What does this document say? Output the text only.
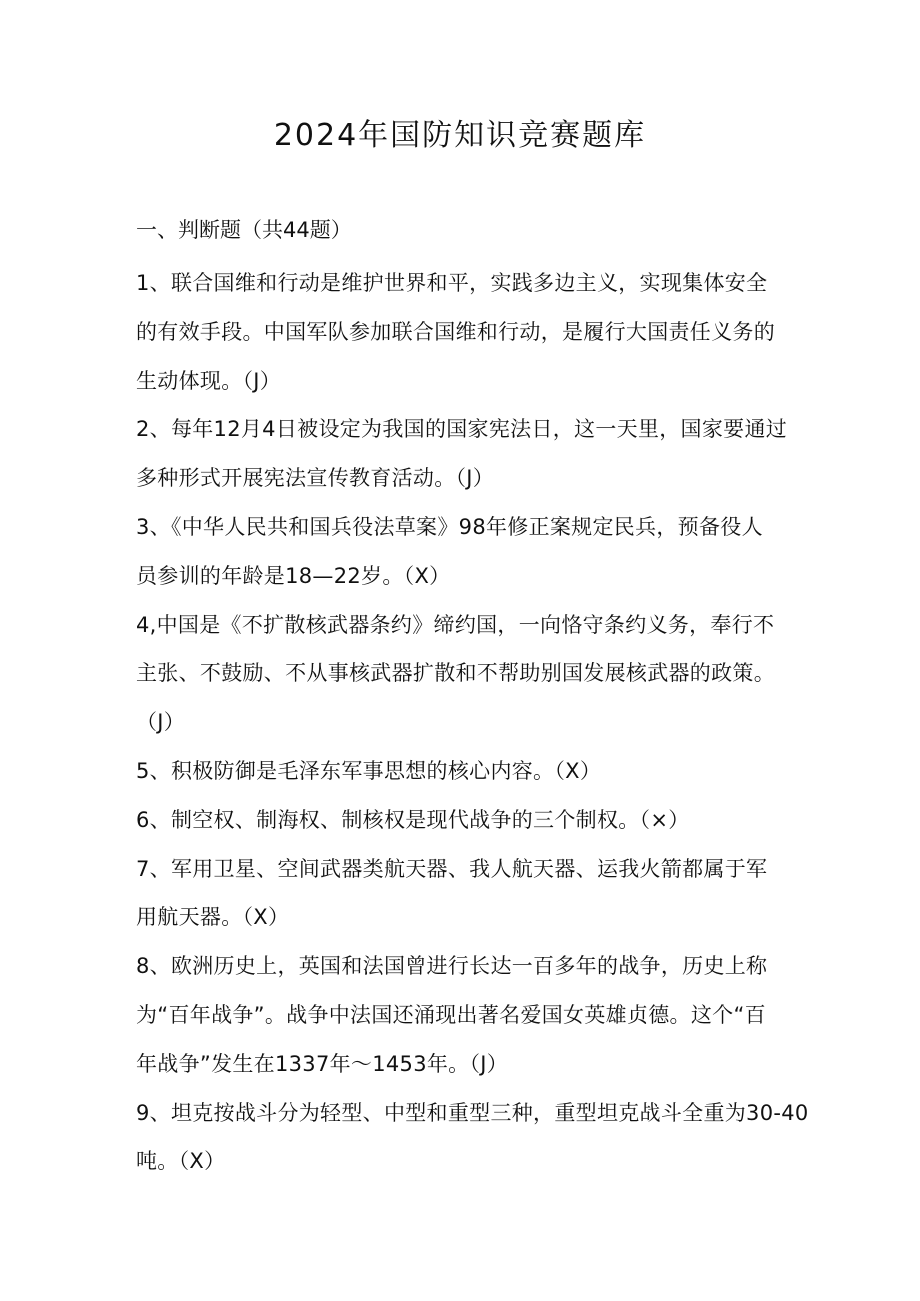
2024年国防知识竞赛题库
一、判断题（共44题）
1、联合国维和行动是维护世界和平，实践多边主义，实现集体安全
的有效手段。中国军队参加联合国维和行动，是履行大国责任义务的
生动体现。（J）
2、每年12月4日被设定为我国的国家宪法日，这一天里，国家要通过
多种形式开展宪法宣传教育活动。（J）
3、《中华人民共和国兵役法草案》98年修正案规定民兵，预备役人
员参训的年龄是18—22岁。（X）
4,中国是《不扩散核武器条约》缔约国，一向恪守条约义务，奉行不
主张、不鼓励、不从事核武器扩散和不帮助别国发展核武器的政策。
（J）
5、积极防御是毛泽东军事思想的核心内容。（X）
6、制空权、制海权、制核权是现代战争的三个制权。（×）
7、军用卫星、空间武器类航天器、我人航天器、运我火箭都属于军
用航天器。（X）
8、欧洲历史上，英国和法国曾进行长达一百多年的战争，历史上称
为“百年战争”。战争中法国还涌现出著名爱国女英雄贞德。这个“百
年战争”发生在1337年〜1453年。（J）
9、坦克按战斗分为轻型、中型和重型三种，重型坦克战斗全重为30-40
吨。（X）
